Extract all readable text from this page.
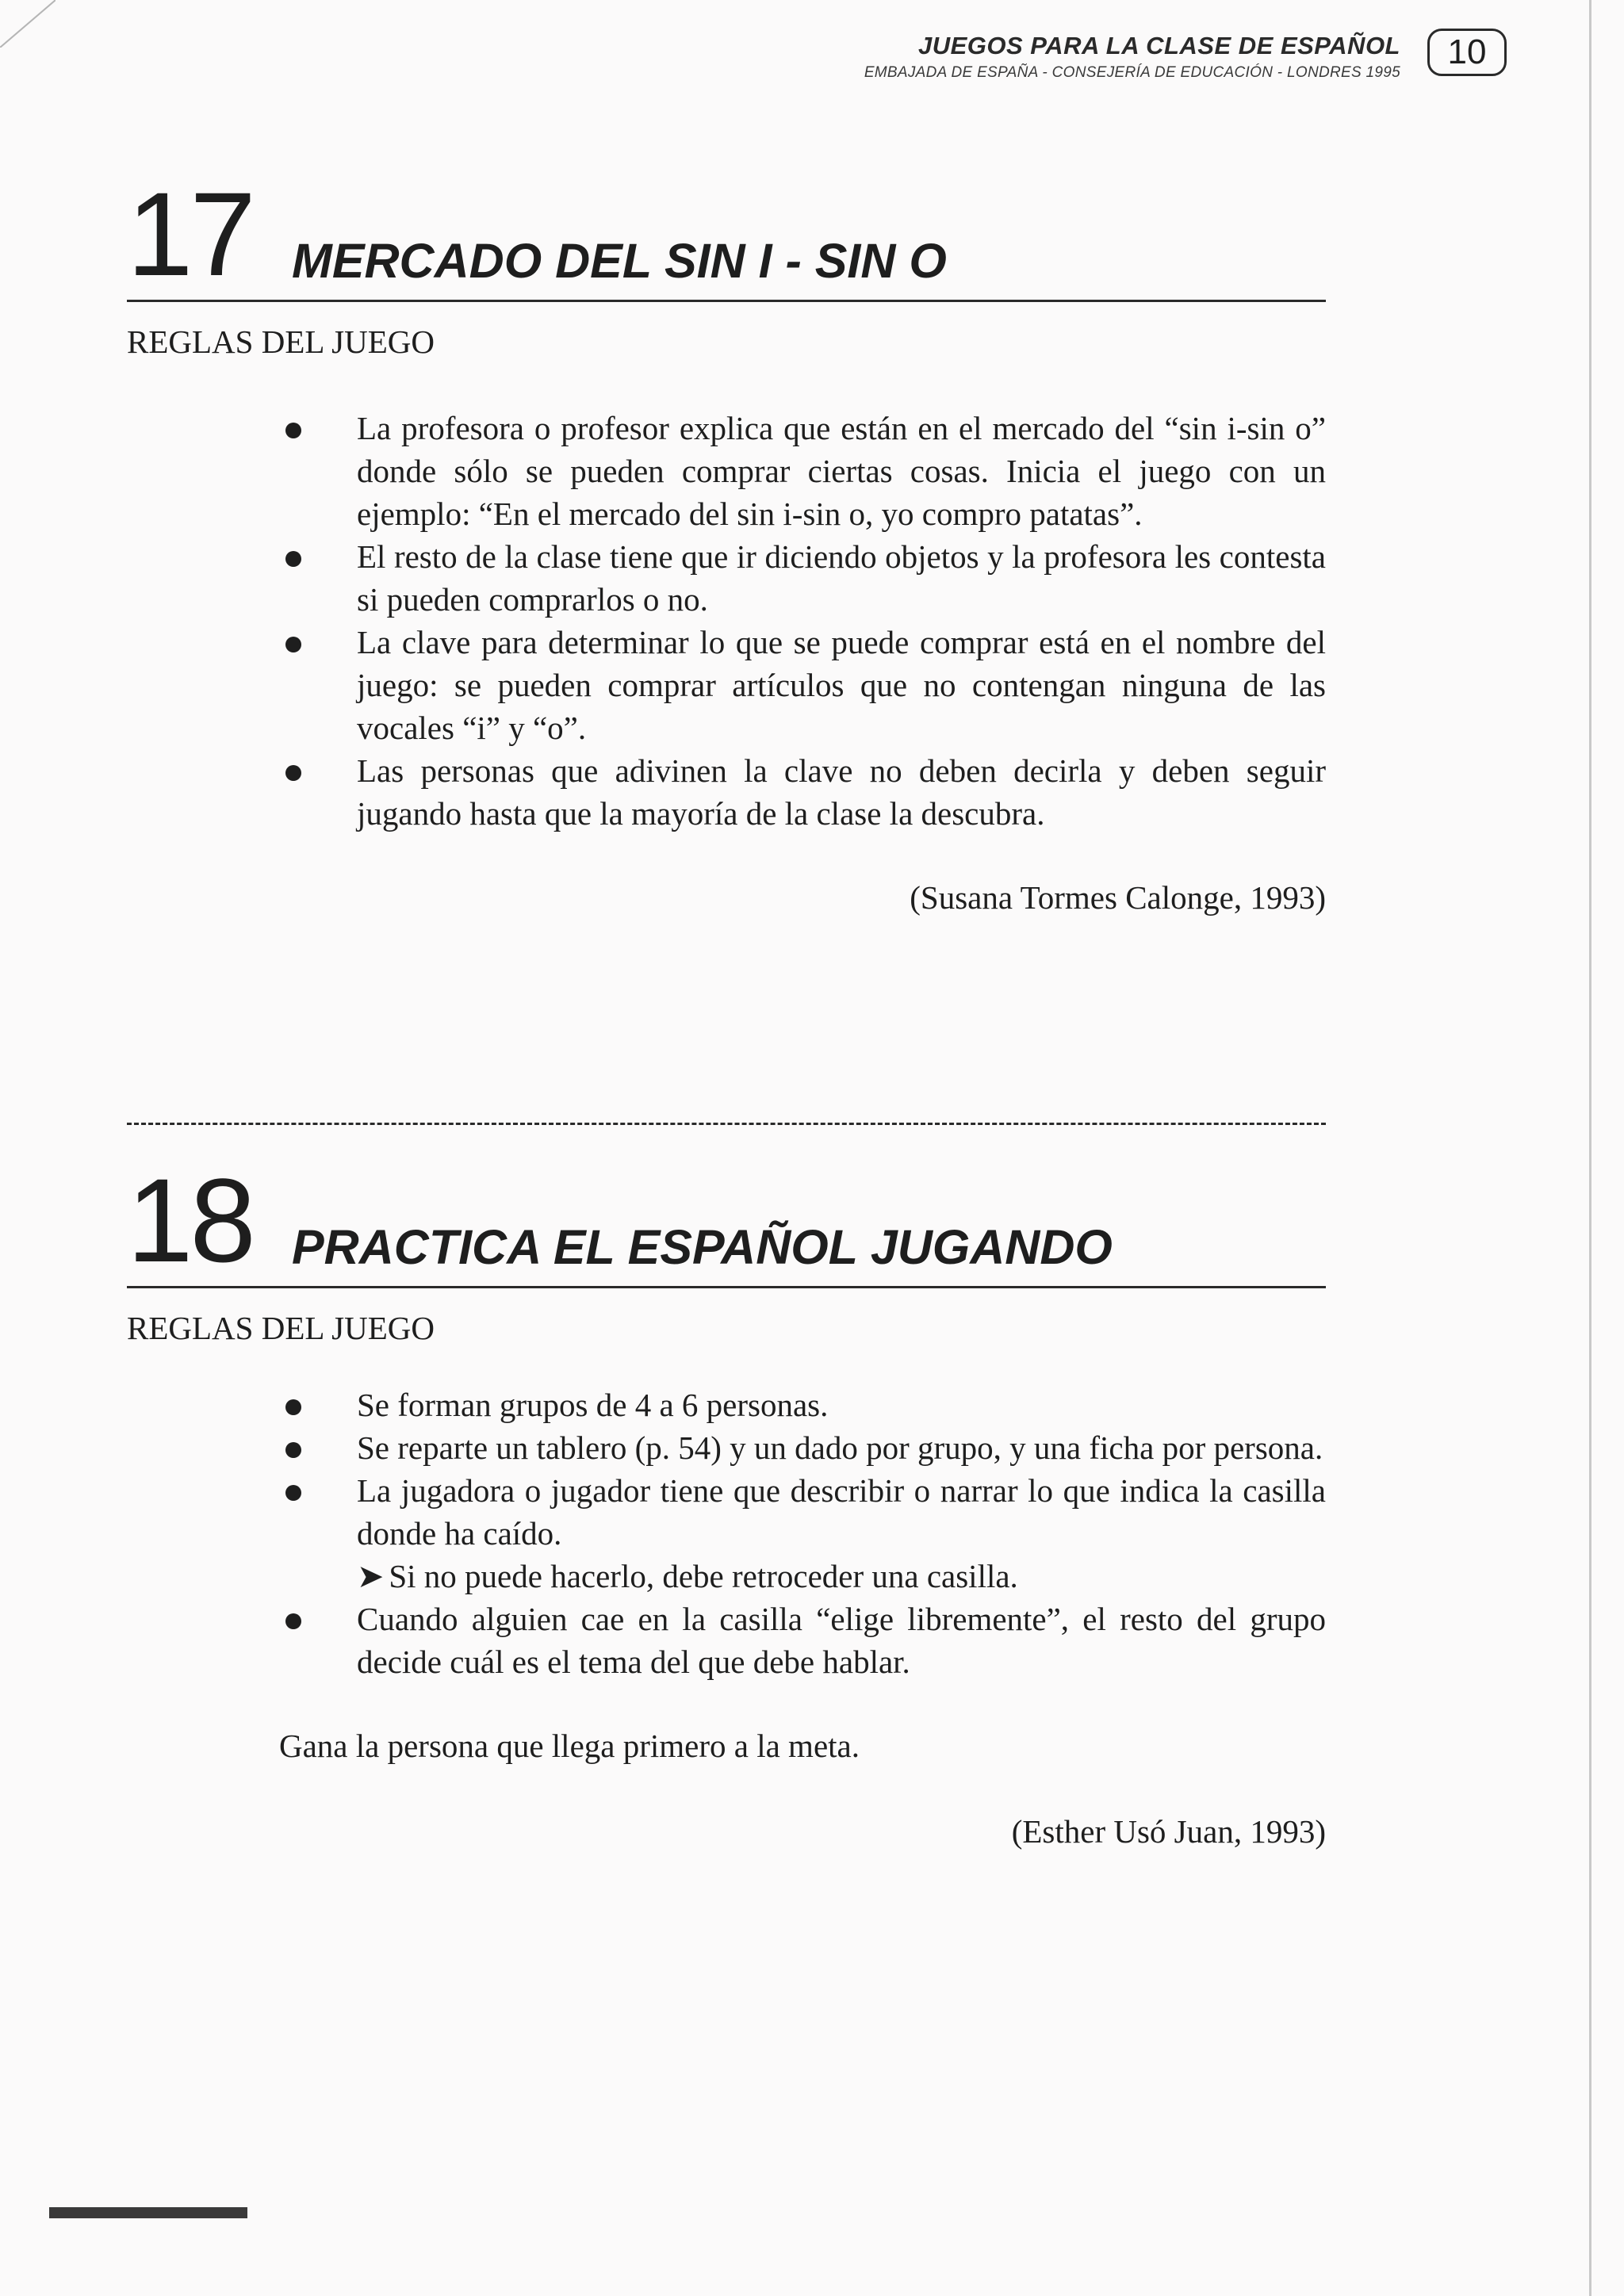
JUEGOS PARA LA CLASE DE ESPAÑOL
EMBAJADA DE ESPAÑA - CONSEJERÍA DE EDUCACIÓN - LONDRES 1995
10
17 MERCADO DEL SIN I - SIN O
REGLAS DEL JUEGO
La profesora o profesor explica que están en el mercado del “sin i-sin o” donde sólo se pueden comprar ciertas cosas. Inicia el juego con un ejemplo: “En el mercado del sin i-sin o, yo compro patatas”.
El resto de la clase tiene que ir diciendo objetos y la profesora les contesta si pueden comprarlos o no.
La clave para determinar lo que se puede comprar está en el nombre del juego: se pueden comprar artículos que no contengan ninguna de las vocales “i” y “o”.
Las personas que adivinen la clave no deben decirla y deben seguir jugando hasta que la mayoría de la clase la descubra.
(Susana Tormes Calonge, 1993)
18 PRACTICA EL ESPAÑOL JUGANDO
REGLAS DEL JUEGO
Se forman grupos de 4 a 6 personas.
Se reparte un tablero (p. 54) y un dado por grupo, y una ficha por persona.
La jugadora o jugador tiene que describir o narrar lo que indica la casilla donde ha caído.
➤ Si no puede hacerlo, debe retroceder una casilla.
Cuando alguien cae en la casilla “elige libremente”, el resto del grupo decide cuál es el tema del que debe hablar.
Gana la persona que llega primero a la meta.
(Esther Usó Juan, 1993)
